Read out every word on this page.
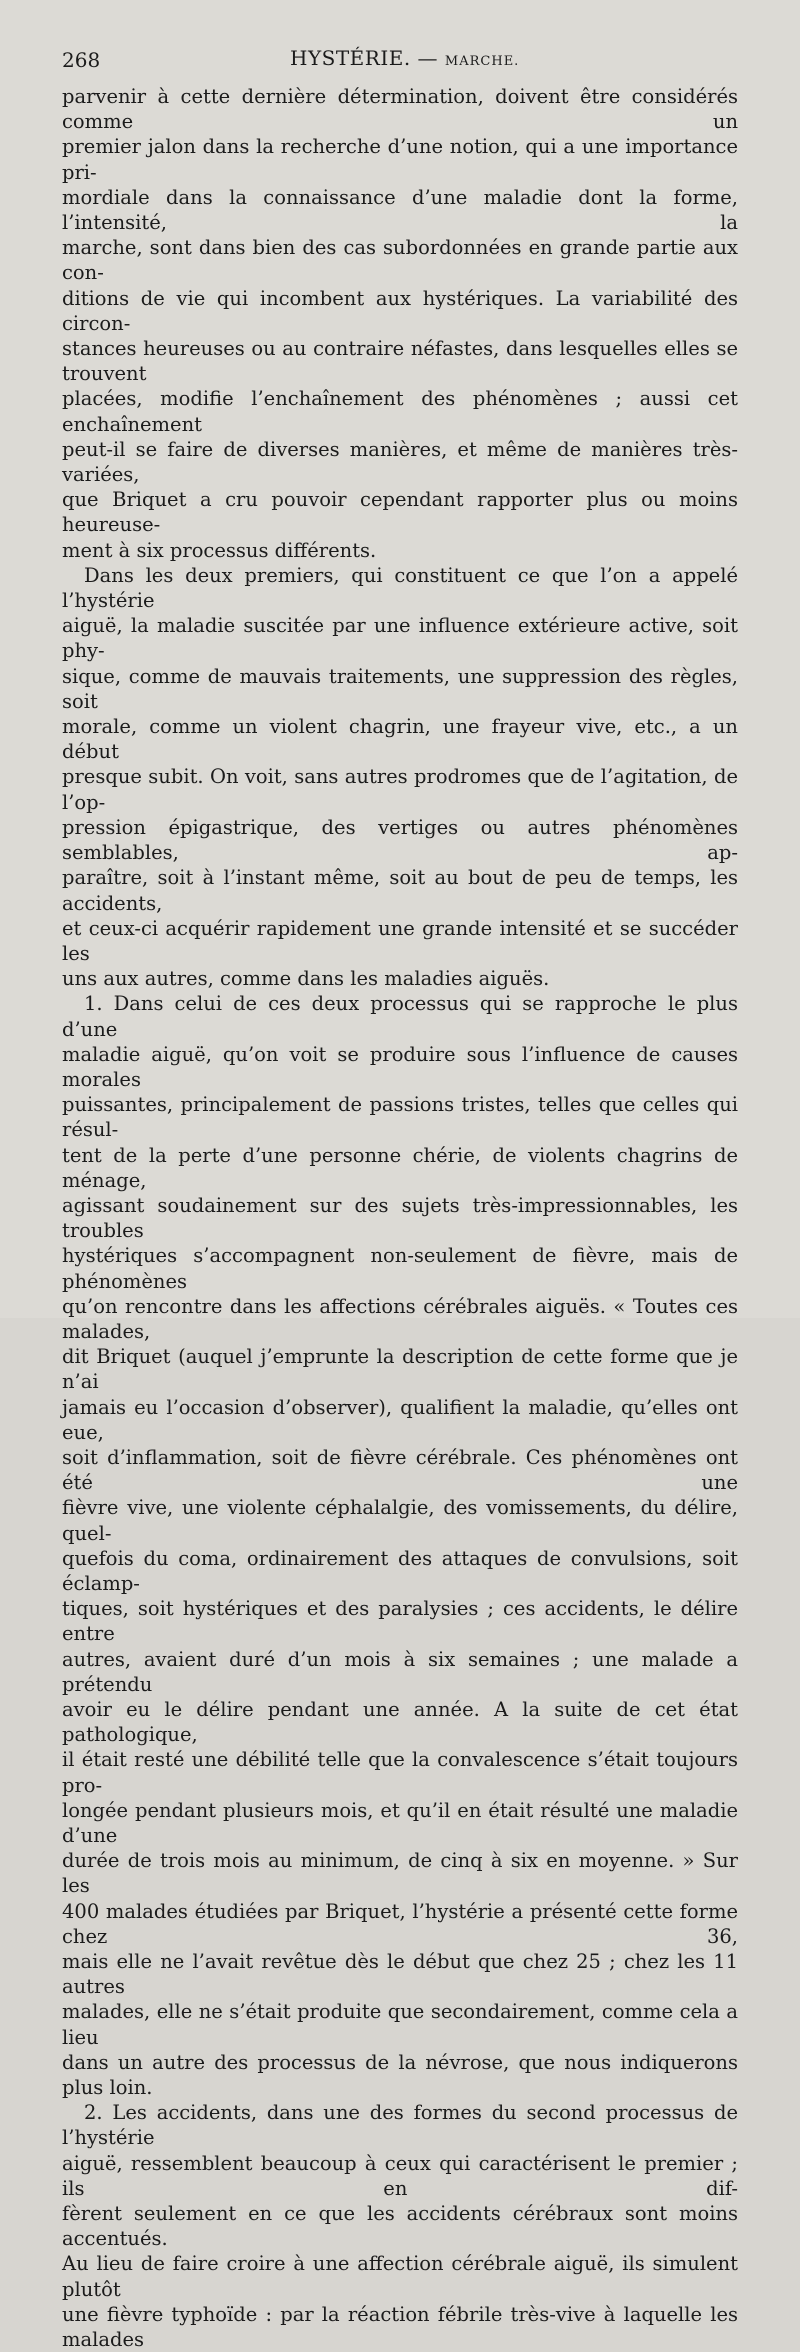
268	HYSTÉRIE. — MARCHE.

parvenir à cette dernière détermination, doivent être considérés comme un

premier jalon dans la recherche d’une notion, qui a une importance pri-

mordiale dans la connaissance d’une maladie dont la forme, l’intensité, la

marche, sont dans bien des cas subordonnées en grande partie aux con-

ditions de vie qui incombent aux hystériques. La variabilité des circon-

stances heureuses ou au contraire néfastes, dans lesquelles elles se trouvent

placées, modifie l’enchaînement des phénomènes ; aussi cet enchaînement

peut-il se faire de diverses manières, et même de manières très-variées,

que Briquet a cru pouvoir cependant rapporter plus ou moins heureuse-

ment à six processus différents.

Dans les deux premiers, qui constituent ce que l’on a appelé l’hystérie

aiguë, la maladie suscitée par une influence extérieure active, soit phy-

sique, comme de mauvais traitements, une suppression des règles, soit

morale, comme un violent chagrin, une frayeur vive, etc., a un début

presque subit. On voit, sans autres prodromes que de l’agitation, de l’op-

pression épigastrique, des vertiges ou autres phénomènes semblables, ap-

paraître, soit à l’instant même, soit au bout de peu de temps, les accidents,

et ceux-ci acquérir rapidement une grande intensité et se succéder les

uns aux autres, comme dans les maladies aiguës.

1. Dans celui de ces deux processus qui se rapproche le plus d’une

maladie aiguë, qu’on voit se produire sous l’influence de causes morales

puissantes, principalement de passions tristes, telles que celles qui résul-

tent de la perte d’une personne chérie, de violents chagrins de ménage,

agissant soudainement sur des sujets très-impressionnables, les troubles

hystériques s’accompagnent non-seulement de fièvre, mais de phénomènes

qu’on rencontre dans les affections cérébrales aiguës. « Toutes ces malades,

dit Briquet (auquel j’emprunte la description de cette forme que je n’ai

jamais eu l’occasion d’observer), qualifient la maladie, qu’elles ont eue,

soit d’inflammation, soit de fièvre cérébrale. Ces phénomènes ont été une

fièvre vive, une violente céphalalgie, des vomissements, du délire, quel-

quefois du coma, ordinairement des attaques de convulsions, soit éclamp-

tiques, soit hystériques et des paralysies ; ces accidents, le délire entre

autres, avaient duré d’un mois à six semaines ; une malade a prétendu

avoir eu le délire pendant une année. A la suite de cet état pathologique,

il était resté une débilité telle que la convalescence s’était toujours pro-

longée pendant plusieurs mois, et qu’il en était résulté une maladie d’une

durée de trois mois au minimum, de cinq à six en moyenne. » Sur les

400 malades étudiées par Briquet, l’hystérie a présenté cette forme chez 36,

mais elle ne l’avait revêtue dès le début que chez 25 ; chez les 11 autres

malades, elle ne s’était produite que secondairement, comme cela a lieu

dans un autre des processus de la névrose, que nous indiquerons plus loin.

2. Les accidents, dans une des formes du second processus de l’hystérie

aiguë, ressemblent beaucoup à ceux qui caractérisent le premier ; ils en dif-

fèrent seulement en ce que les accidents cérébraux sont moins accentués.

Au lieu de faire croire à une affection cérébrale aiguë, ils simulent plutôt

une fièvre typhoïde : par la réaction fébrile très-vive à laquelle les malades
